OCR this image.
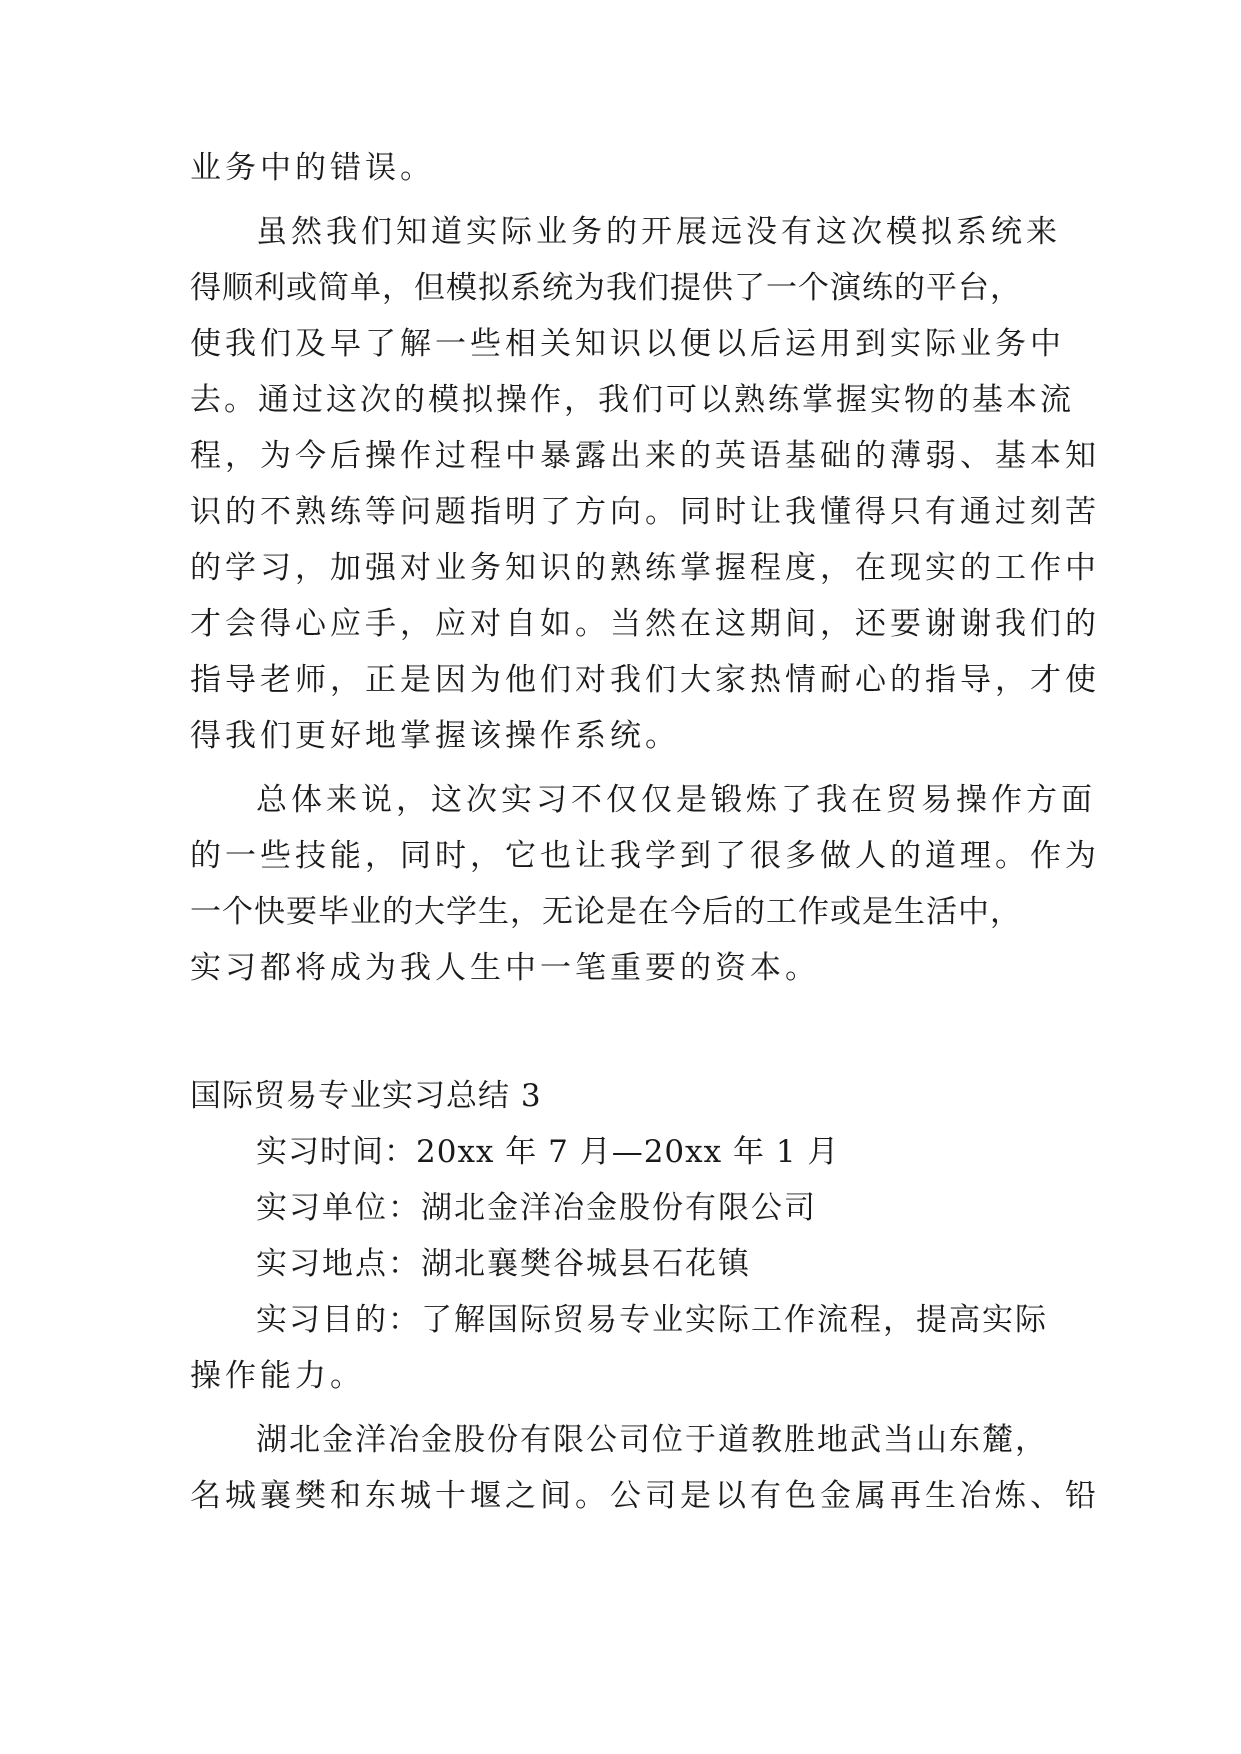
业务中的错误。
虽然我们知道实际业务的开展远没有这次模拟系统来
得顺利或简单，但模拟系统为我们提供了一个演练的平台，
使我们及早了解一些相关知识以便以后运用到实际业务中
去。通过这次的模拟操作，我们可以熟练掌握实物的基本流
程，为今后操作过程中暴露出来的英语基础的薄弱、基本知
识的不熟练等问题指明了方向。同时让我懂得只有通过刻苦
的学习，加强对业务知识的熟练掌握程度，在现实的工作中
才会得心应手，应对自如。当然在这期间，还要谢谢我们的
指导老师，正是因为他们对我们大家热情耐心的指导，才使
得我们更好地掌握该操作系统。
总体来说，这次实习不仅仅是锻炼了我在贸易操作方面
的一些技能，同时，它也让我学到了很多做人的道理。作为
一个快要毕业的大学生，无论是在今后的工作或是生活中，
实习都将成为我人生中一笔重要的资本。
国际贸易专业实习总结 3
实习时间：20xx 年 7 月—20xx 年 1 月
实习单位：湖北金洋冶金股份有限公司
实习地点：湖北襄樊谷城县石花镇
实习目的：了解国际贸易专业实际工作流程，提高实际
操作能力。
湖北金洋冶金股份有限公司位于道教胜地武当山东麓，
名城襄樊和东城十堰之间。公司是以有色金属再生冶炼、铅
